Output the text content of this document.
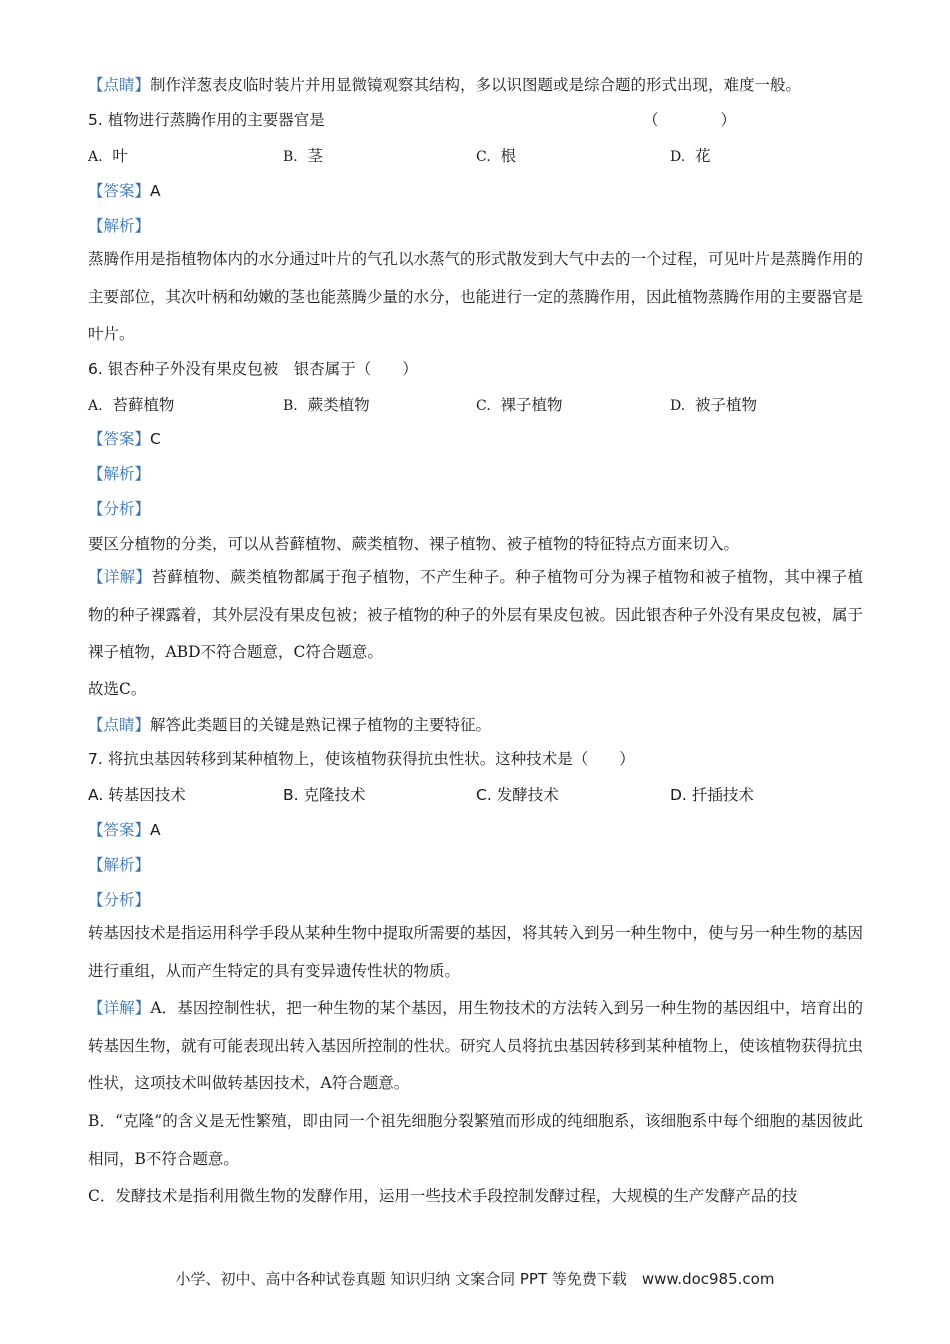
【点睛】制作洋葱表皮临时装片并用显微镜观察其结构，多以识图题或是综合题的形式出现，难度一般。
5. 植物进行蒸腾作用的主要器官是	（　　　　）
A. 叶	B. 茎	C. 根	D. 花
【答案】A
【解析】
蒸腾作用是指植物体内的水分通过叶片的气孔以水蒸气的形式散发到大气中去的一个过程，可见叶片是蒸腾作用的主要部位，其次叶柄和幼嫩的茎也能蒸腾少量的水分，也能进行一定的蒸腾作用，因此植物蒸腾作用的主要器官是叶片。
6. 银杏种子外没有果皮包被　银杏属于（　　）
A. 苔藓植物	B. 蕨类植物	C. 裸子植物	D. 被子植物
【答案】C
【解析】
【分析】
要区分植物的分类，可以从苔藓植物、蕨类植物、裸子植物、被子植物的特征特点方面来切入。
【详解】苔藓植物、蕨类植物都属于孢子植物，不产生种子。种子植物可分为裸子植物和被子植物，其中裸子植物的种子裸露着，其外层没有果皮包被；被子植物的种子的外层有果皮包被。因此银杏种子外没有果皮包被，属于裸子植物，ABD不符合题意，C符合题意。
故选C。
【点睛】解答此类题目的关键是熟记裸子植物的主要特征。
7. 将抗虫基因转移到某种植物上，使该植物获得抗虫性状。这种技术是（　　）
A. 转基因技术	B. 克隆技术	C. 发酵技术	D. 扦插技术
【答案】A
【解析】
【分析】
转基因技术是指运用科学手段从某种生物中提取所需要的基因，将其转入到另一种生物中，使与另一种生物的基因进行重组，从而产生特定的具有变异遗传性状的物质。
【详解】A．基因控制性状，把一种生物的某个基因，用生物技术的方法转入到另一种生物的基因组中，培育出的转基因生物，就有可能表现出转入基因所控制的性状。研究人员将抗虫基因转移到某种植物上，使该植物获得抗虫性状，这项技术叫做转基因技术，A符合题意。
B．“克隆”的含义是无性繁殖，即由同一个祖先细胞分裂繁殖而形成的纯细胞系，该细胞系中每个细胞的基因彼此相同，B不符合题意。
C．发酵技术是指利用微生物的发酵作用，运用一些技术手段控制发酵过程，大规模的生产发酵产品的技
小学、初中、高中各种试卷真题 知识归纳 文案合同 PPT 等免费下载　www.doc985.com
